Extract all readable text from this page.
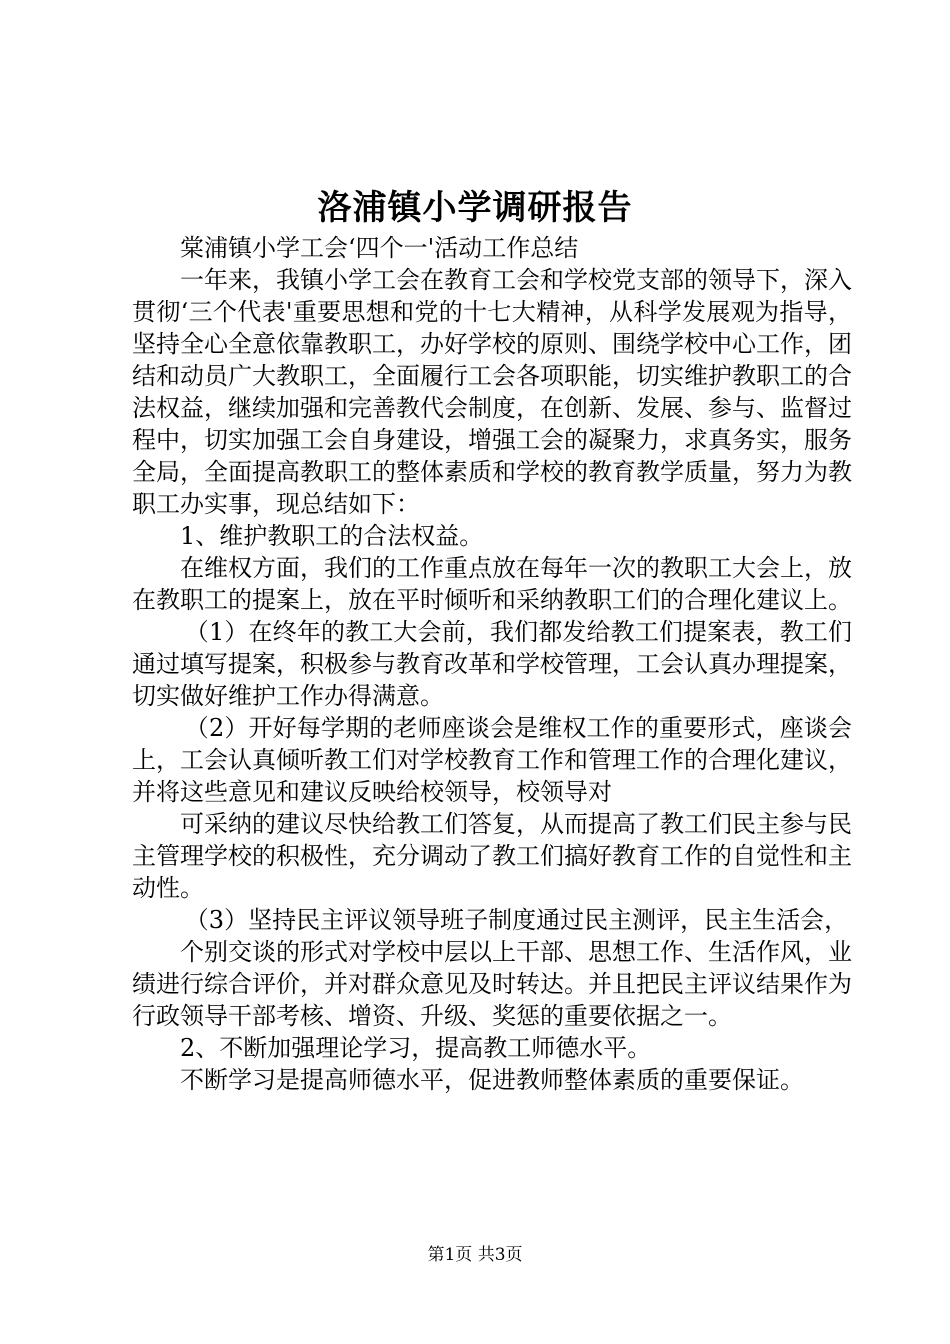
洛浦镇小学调研报告

棠浦镇小学工会‘四个一'活动工作总结

一年来，我镇小学工会在教育工会和学校党支部的领导下，深入贯彻‘三个代表'重要思想和党的十七大精神，从科学发展观为指导，坚持全心全意依靠教职工，办好学校的原则、围绕学校中心工作，团结和动员广大教职工，全面履行工会各项职能，切实维护教职工的合法权益，继续加强和完善教代会制度，在创新、发展、参与、监督过程中，切实加强工会自身建设，增强工会的凝聚力，求真务实，服务全局，全面提高教职工的整体素质和学校的教育教学质量，努力为教职工办实事，现总结如下：

1、维护教职工的合法权益。

在维权方面，我们的工作重点放在每年一次的教职工大会上，放在教职工的提案上，放在平时倾听和采纳教职工们的合理化建议上。

（1）在终年的教工大会前，我们都发给教工们提案表，教工们通过填写提案，积极参与教育改革和学校管理，工会认真办理提案，切实做好维护工作办得满意。

（2）开好每学期的老师座谈会是维权工作的重要形式，座谈会上，工会认真倾听教工们对学校教育工作和管理工作的合理化建议，并将这些意见和建议反映给校领导，校领导对

可采纳的建议尽快给教工们答复，从而提高了教工们民主参与民主管理学校的积极性，充分调动了教工们搞好教育工作的自觉性和主动性。

（3）坚持民主评议领导班子制度通过民主测评，民主生活会，

个别交谈的形式对学校中层以上干部、思想工作、生活作风，业绩进行综合评价，并对群众意见及时转达。并且把民主评议结果作为行政领导干部考核、增资、升级、奖惩的重要依据之一。

2、不断加强理论学习，提高教工师德水平。

不断学习是提高师德水平，促进教师整体素质的重要保证。

第1页 共3页
